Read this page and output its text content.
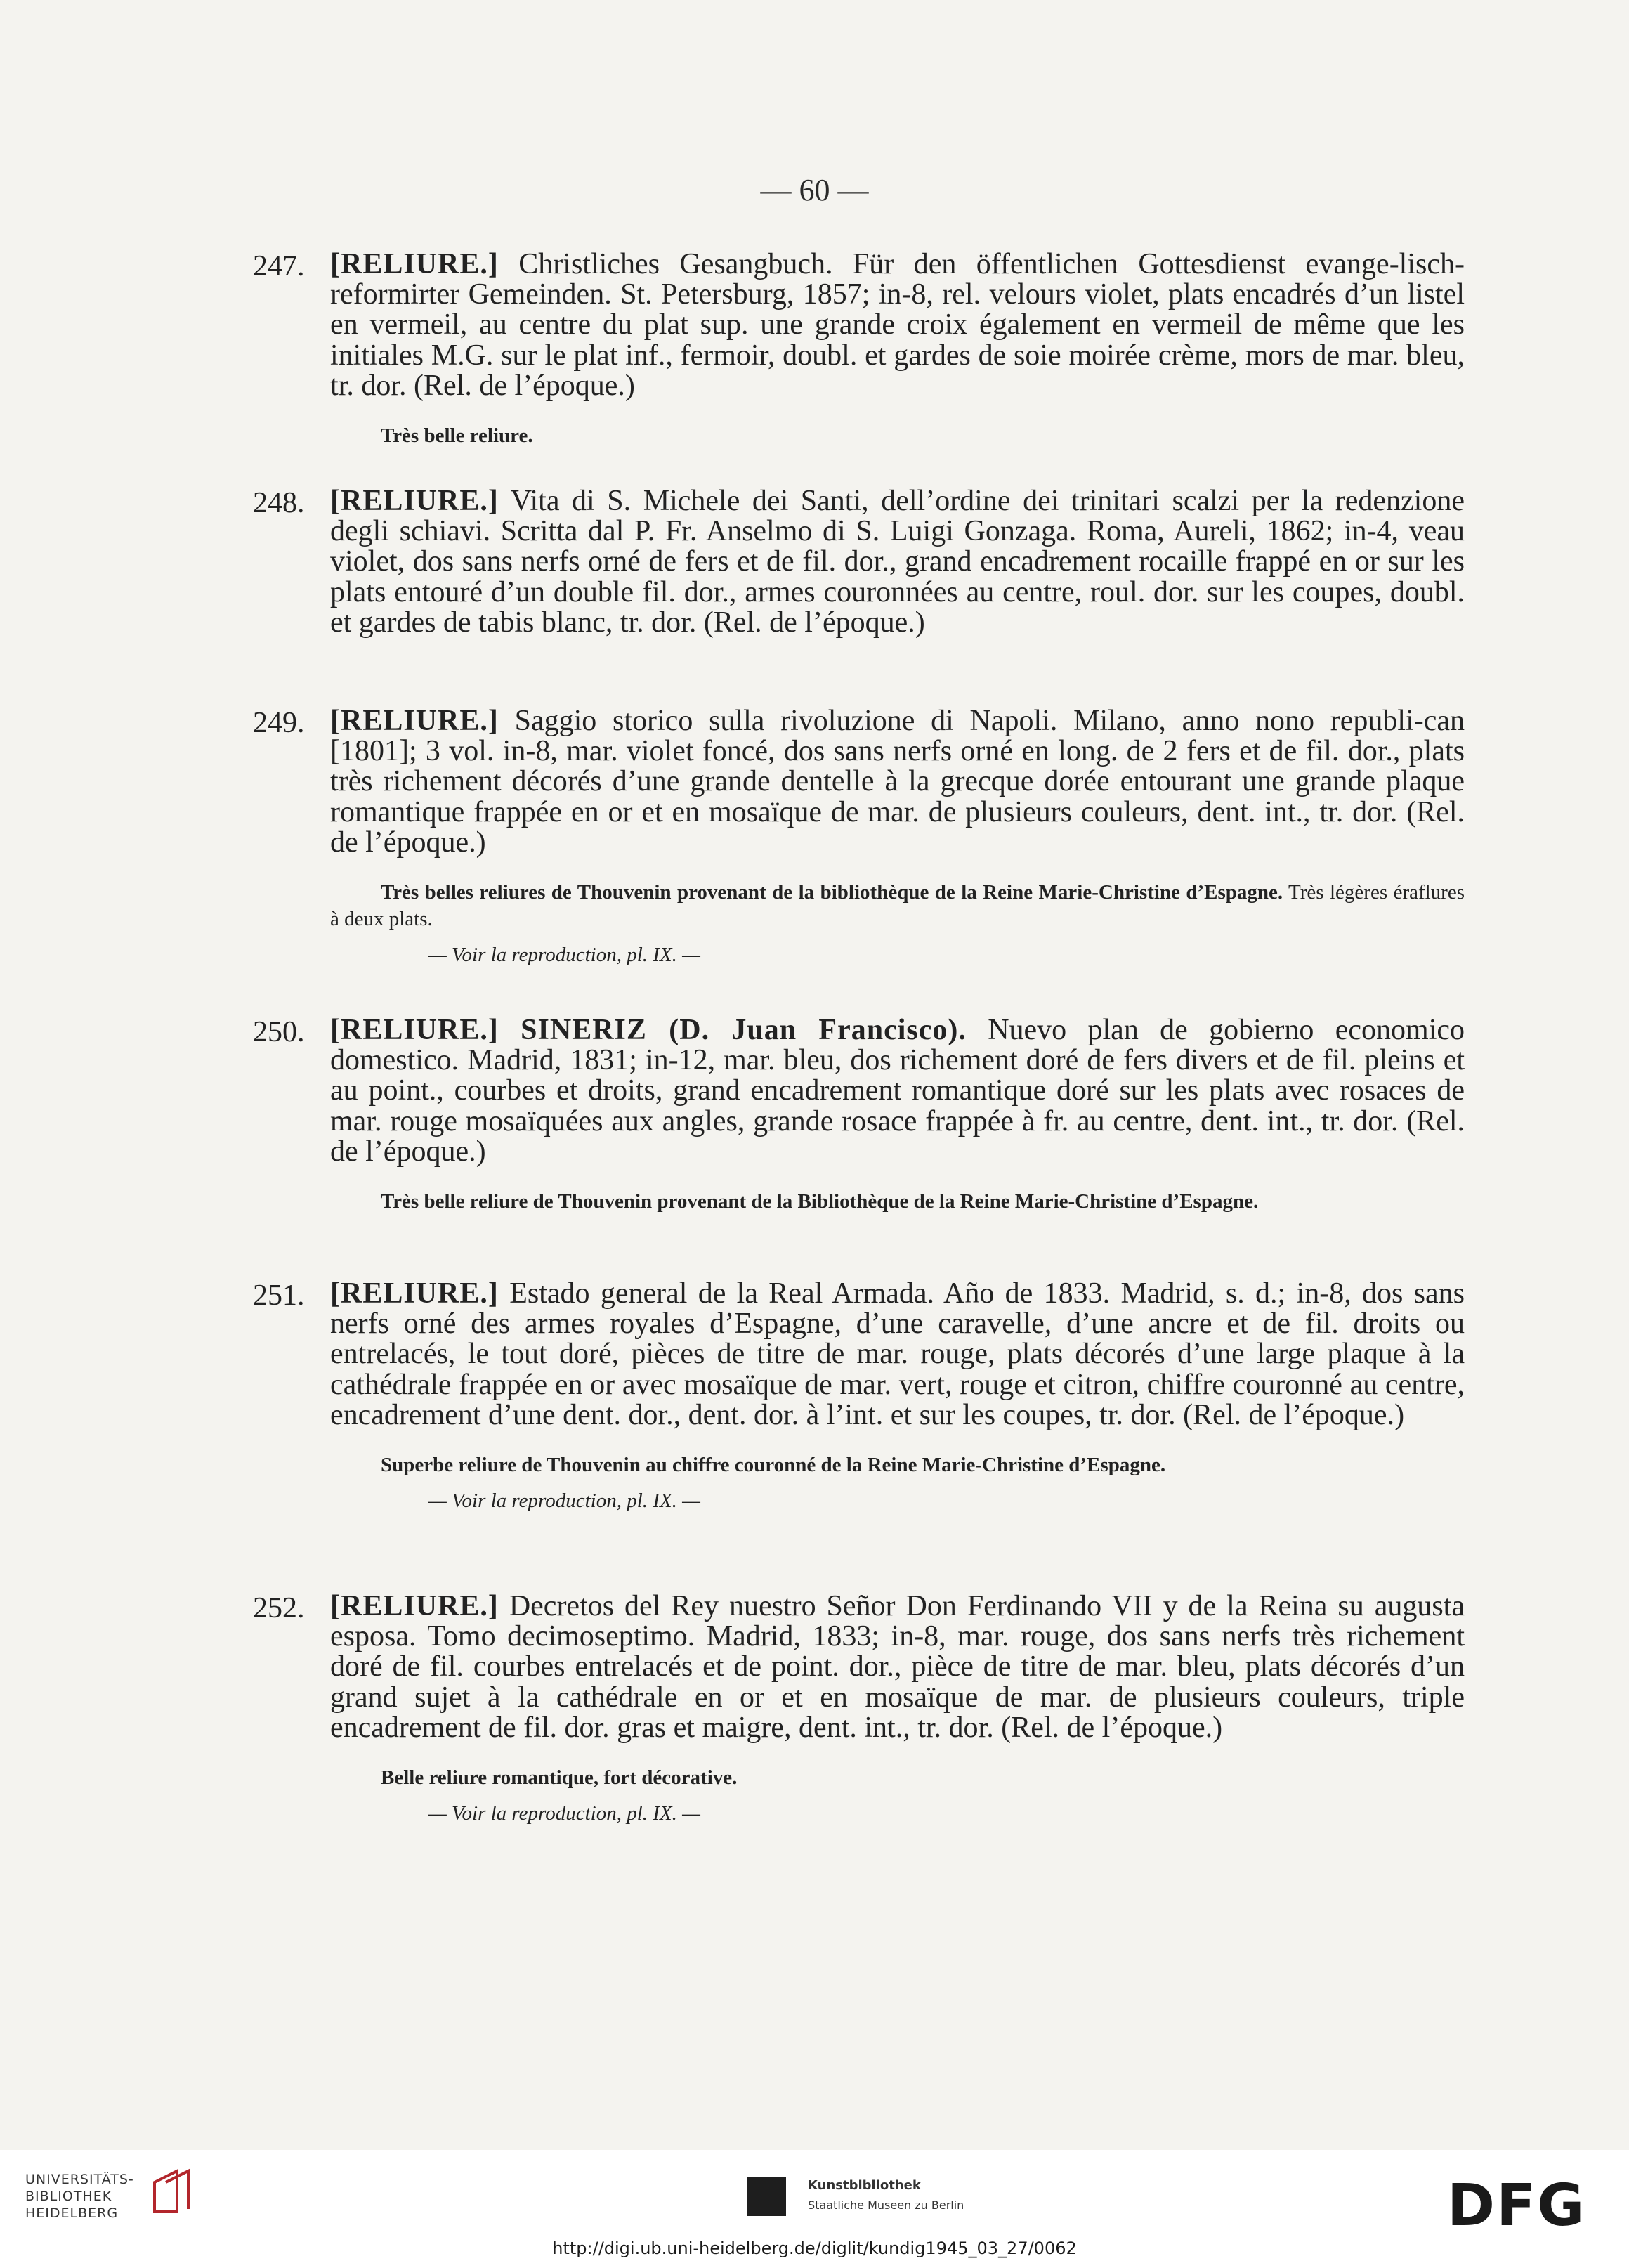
— 60 —
247. [RELIURE.] Christliches Gesangbuch. Für den öffentlichen Gottesdienst evange-lisch-reformirter Gemeinden. St. Petersburg, 1857; in-8, rel. velours violet, plats encadrés d’un listel en vermeil, au centre du plat sup. une grande croix également en vermeil de même que les initiales M.G. sur le plat inf., fermoir, doubl. et gardes de soie moirée crème, mors de mar. bleu, tr. dor. (Rel. de l’époque.)
Très belle reliure.
248. [RELIURE.] Vita di S. Michele dei Santi, dell’ordine dei trinitari scalzi per la redenzione degli schiavi. Scritta dal P. Fr. Anselmo di S. Luigi Gonzaga. Roma, Aureli, 1862; in-4, veau violet, dos sans nerfs orné de fers et de fil. dor., grand encadrement rocaille frappé en or sur les plats entouré d’un double fil. dor., armes couronnées au centre, roul. dor. sur les coupes, doubl. et gardes de tabis blanc, tr. dor. (Rel. de l’époque.)
249. [RELIURE.] Saggio storico sulla rivoluzione di Napoli. Milano, anno nono republi-can [1801]; 3 vol. in-8, mar. violet foncé, dos sans nerfs orné en long. de 2 fers et de fil. dor., plats très richement décorés d’une grande dentelle à la grecque dorée entourant une grande plaque romantique frappée en or et en mosaïque de mar. de plusieurs couleurs, dent. int., tr. dor. (Rel. de l’époque.)
Très belles reliures de Thouvenin provenant de la bibliothèque de la Reine Marie-Christine d’Espagne. Très légères éraflures à deux plats.
— Voir la reproduction, pl. IX. —
250. [RELIURE.] SINERIZ (D. Juan Francisco). Nuevo plan de gobierno economico domestico. Madrid, 1831; in-12, mar. bleu, dos richement doré de fers divers et de fil. pleins et au point., courbes et droits, grand encadrement romantique doré sur les plats avec rosaces de mar. rouge mosaïquées aux angles, grande rosace frappée à fr. au centre, dent. int., tr. dor. (Rel. de l’époque.)
Très belle reliure de Thouvenin provenant de la Bibliothèque de la Reine Marie-Christine d’Espagne.
251. [RELIURE.] Estado general de la Real Armada. Año de 1833. Madrid, s. d.; in-8, dos sans nerfs orné des armes royales d’Espagne, d’une caravelle, d’une ancre et de fil. droits ou entrelacés, le tout doré, pièces de titre de mar. rouge, plats décorés d’une large plaque à la cathédrale frappée en or avec mosaïque de mar. vert, rouge et citron, chiffre couronné au centre, encadrement d’une dent. dor., dent. dor. à l’int. et sur les coupes, tr. dor. (Rel. de l’époque.)
Superbe reliure de Thouvenin au chiffre couronné de la Reine Marie-Christine d’Espagne.
— Voir la reproduction, pl. IX. —
252. [RELIURE.] Decretos del Rey nuestro Señor Don Ferdinando VII y de la Reina su augusta esposa. Tomo decimoseptimo. Madrid, 1833; in-8, mar. rouge, dos sans nerfs très richement doré de fil. courbes entrelacés et de point. dor., pièce de titre de mar. bleu, plats décorés d’un grand sujet à la cathédrale en or et en mosaïque de mar. de plusieurs couleurs, triple encadrement de fil. dor. gras et maigre, dent. int., tr. dor. (Rel. de l’époque.)
Belle reliure romantique, fort décorative.
— Voir la reproduction, pl. IX. —
UNIVERSITÄTS-
BIBLIOTHEK
HEIDELBERG
Kunstbibliothek
Staatliche Museen zu Berlin	DFG
http://digi.ub.uni-heidelberg.de/diglit/kundig1945_03_27/0062
